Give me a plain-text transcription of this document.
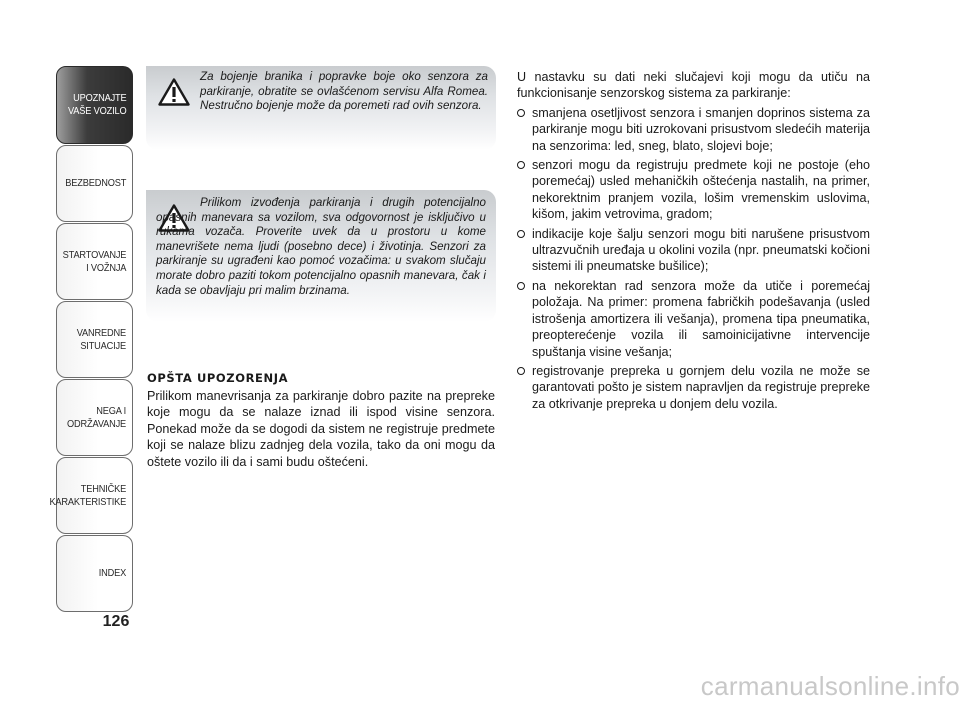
UPOZNAJTE
VAŠE VOZILO
BEZBEDNOST
STARTOVANJE
I VOŽNJA
VANREDNE
SITUACIJE
NEGA I
ODRŽAVANJE
TEHNIČKE
KARAKTERISTIKE
INDEX
126
Za bojenje branika i popravke boje oko senzora za parkiranje, obratite se ovlašćenom servisu Alfa Romea. Nestručno bojenje može da poremeti rad ovih senzora.
Prilikom izvođenja parkiranja i drugih potencijalno opasnih manevara sa vozilom, sva odgovornost je isključivo u rukama vozača. Proverite uvek da u prostoru u kome manevrišete nema ljudi (posebno dece) i životinja. Senzori za parkiranje su ugrađeni kao pomoć vozačima: u svakom slučaju morate dobro paziti tokom potencijalno opasnih manevara, čak i kada se obavljaju pri malim brzinama.
OPŠTA UPOZORENJA

Prilikom manevrisanja za parkiranje dobro pazite na prepreke koje mogu da se nalaze iznad ili ispod visine senzora. Ponekad može da se dogodi da sistem ne registruje predmete koji se nalaze blizu zadnjeg dela vozila, tako da oni mogu da oštete vozilo ili da i sami budu oštećeni.

U nastavku su dati neki slučajevi koji mogu da utiču na funkcionisanje senzorskog sistema za parkiranje:

smanjena osetljivost senzora i smanjen doprinos sistema za parkiranje mogu biti uzrokovani prisustvom sledećih materija na senzorima: led, sneg, blato, slojevi boje;
senzori mogu da registruju predmete koji ne postoje (eho poremećaj) usled mehaničkih oštećenja nastalih, na primer, nekorektnim pranjem vozila, lošim vremenskim uslovima, kišom, jakim vetrovima, gradom;
indikacije koje šalju senzori mogu biti narušene prisustvom ultrazvučnih uređaja u okolini vozila (npr. pneumatski kočioni sistemi ili pneumatske bušilice);
na nekorektan rad senzora može da utiče i poremećaj položaja. Na primer: promena fabričkih podešavanja (usled istrošenja amortizera ili vešanja), promena tipa pneumatika, preopterećenje vozila ili samoinicijativne intervencije spuštanja visine vešanja;
registrovanje prepreka u gornjem delu vozila ne može se garantovati pošto je sistem napravljen da registruje prepreke za otkrivanje prepreka u donjem delu vozila.
carmanualsonline.info
